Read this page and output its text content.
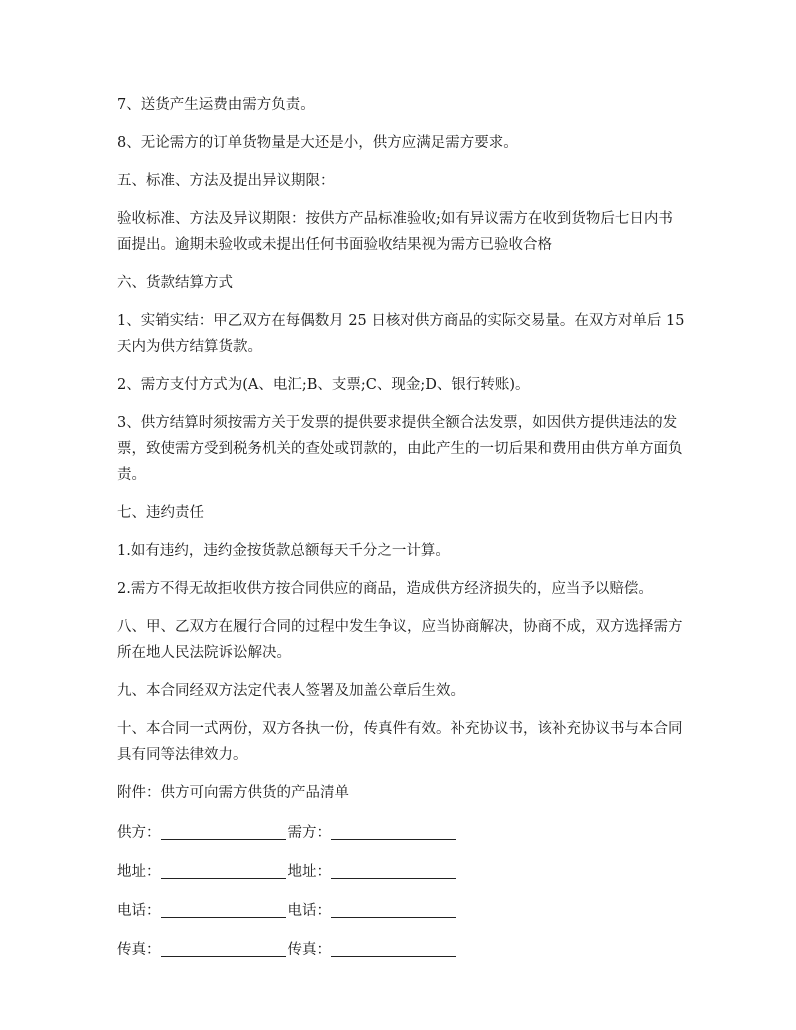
7、送货产生运费由需方负责。

8、无论需方的订单货物量是大还是小，供方应满足需方要求。

五、标准、方法及提出异议期限：

验收标准、方法及异议期限：按供方产品标准验收;如有异议需方在收到货物后七日内书面提出。逾期未验收或未提出任何书面验收结果视为需方已验收合格

六、货款结算方式

1、实销实结：甲乙双方在每偶数月 25 日核对供方商品的实际交易量。在双方对单后 15 天内为供方结算货款。

2、需方支付方式为(A、电汇;B、支票;C、现金;D、银行转账)。

3、供方结算时须按需方关于发票的提供要求提供全额合法发票，如因供方提供违法的发票，致使需方受到税务机关的查处或罚款的，由此产生的一切后果和费用由供方单方面负责。

七、违约责任

1.如有违约，违约金按货款总额每天千分之一计算。

2.需方不得无故拒收供方按合同供应的商品，造成供方经济损失的，应当予以赔偿。

八、甲、乙双方在履行合同的过程中发生争议，应当协商解决，协商不成，双方选择需方所在地人民法院诉讼解决。

九、本合同经双方法定代表人签署及加盖公章后生效。

十、本合同一式两份，双方各执一份，传真件有效。补充协议书，该补充协议书与本合同具有同等法律效力。

附件：供方可向需方供货的产品清单

供方：	需方：
地址：	地址：
电话：	电话：
传真：	传真：
